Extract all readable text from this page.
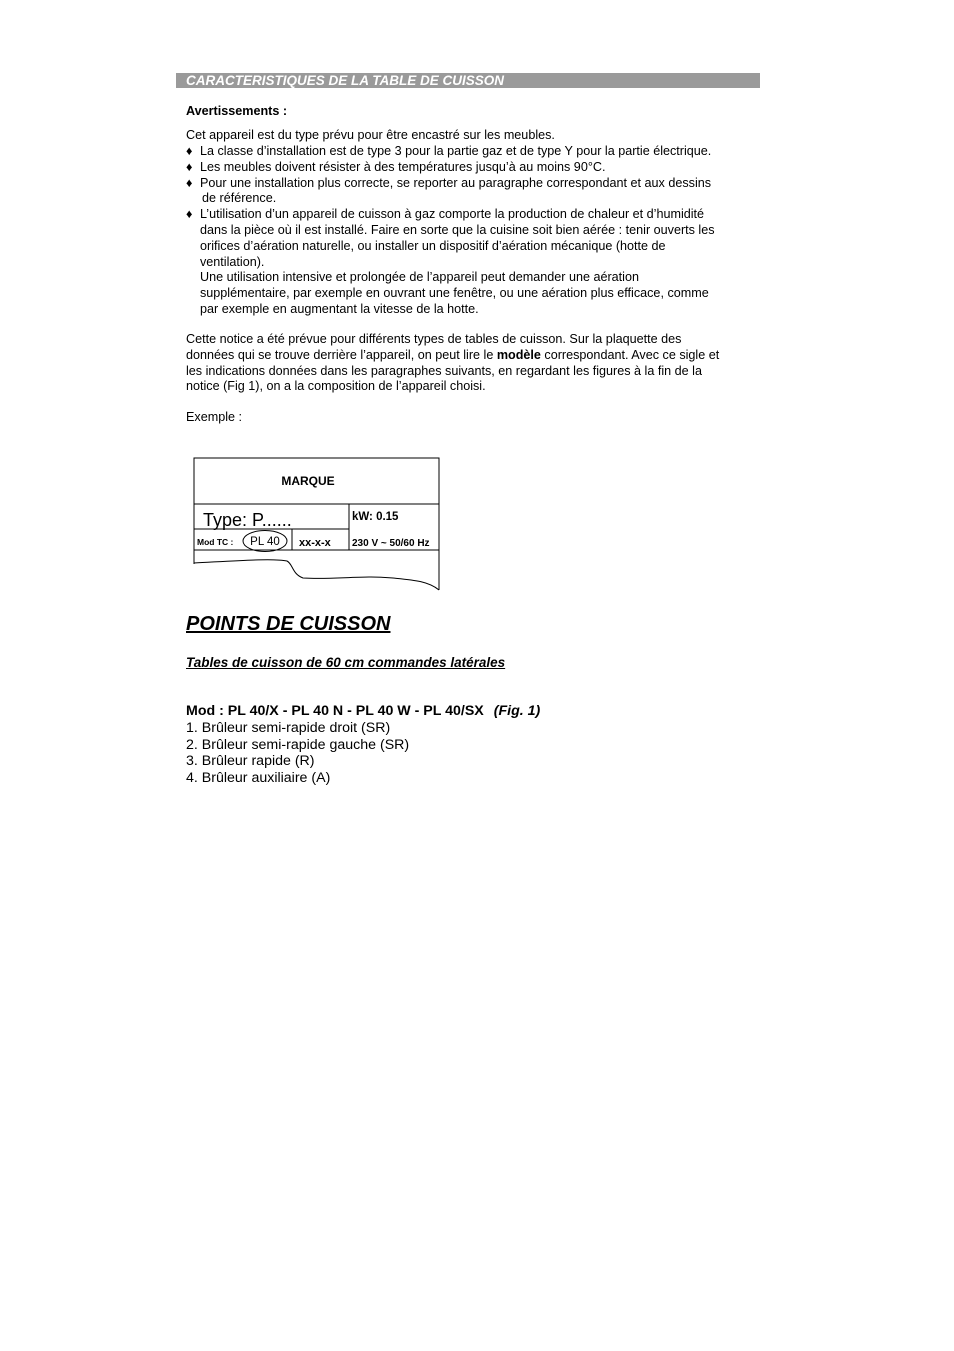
CARACTERISTIQUES DE LA TABLE DE CUISSON
Avertissements :
Cet appareil est du type prévu pour être encastré sur les meubles.
♦ La classe d’installation est de type 3 pour la partie gaz et de type Y pour la partie électrique.
♦ Les meubles doivent résister à des températures jusqu’à au moins 90°C.
♦ Pour une installation plus correcte, se reporter au paragraphe correspondant et aux dessins
de référence.
♦ L’utilisation d’un appareil de cuisson à gaz comporte la production de chaleur et d’humidité
dans la pièce où il est installé. Faire en sorte que la cuisine soit bien aérée : tenir ouverts les
orifices d’aération naturelle, ou installer un dispositif d’aération mécanique (hotte de
ventilation).
Une utilisation intensive et prolongée de l’appareil peut demander une aération
supplémentaire, par exemple en ouvrant une fenêtre, ou une aération plus efficace, comme
par exemple en augmentant la vitesse de la hotte.
Cette notice a été prévue pour différents types de tables de cuisson. Sur la plaquette des
données qui se trouve derrière l’appareil, on peut lire le modèle correspondant. Avec ce sigle et
les indications données dans les paragraphes suivants, en regardant les figures à la fin de la
notice (Fig 1), on a la composition de l’appareil choisi.
Exemple :
MARQUE
Type: P......	kW: 0.15
Mod TC : PL 40 xx-x-x 230 V ~ 50/60 Hz
POINTS DE CUISSON
Tables de cuisson de 60 cm commandes latérales
Mod : PL 40/X - PL 40 N - PL 40 W - PL 40/SX (Fig. 1)
1. Brûleur semi-rapide droit (SR)
2. Brûleur semi-rapide gauche (SR)
3. Brûleur rapide (R)
4. Brûleur auxiliaire (A)
